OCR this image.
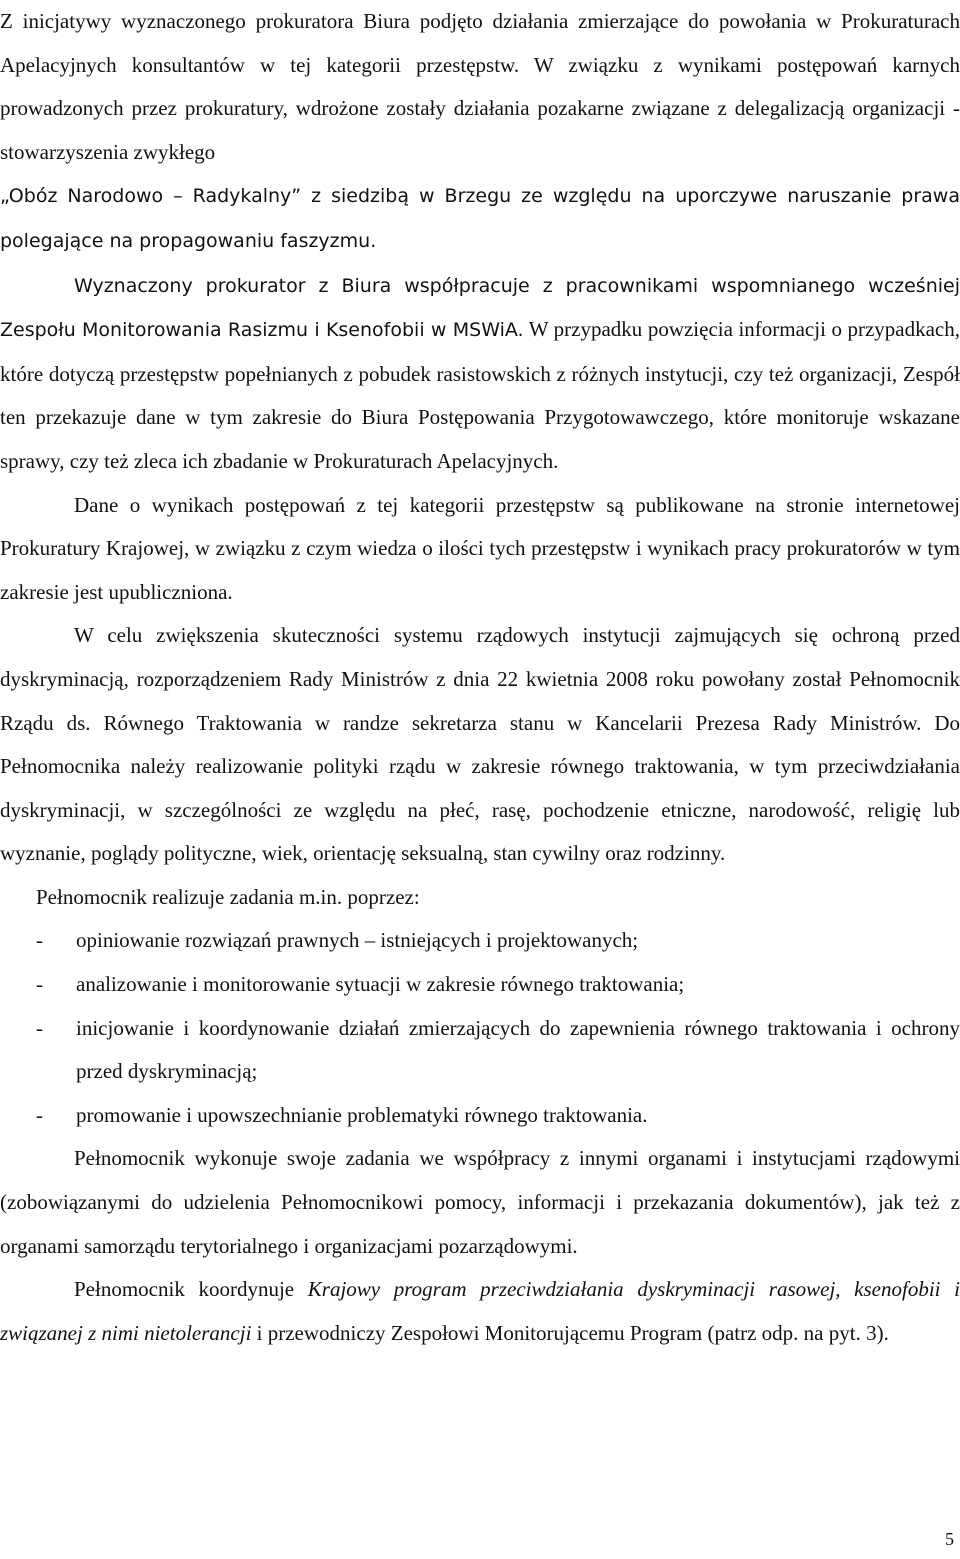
Z inicjatywy wyznaczonego prokuratora Biura podjęto działania zmierzające do powołania w Prokuraturach Apelacyjnych konsultantów w tej kategorii przestępstw. W związku z wynikami postępowań karnych prowadzonych przez prokuratury, wdrożone zostały działania pozakarne związane z delegalizacją organizacji - stowarzyszenia zwykłego

„Obóz Narodowo – Radykalny” z siedzibą w Brzegu ze względu na uporczywe naruszanie prawa polegające na propagowaniu faszyzmu.

Wyznaczony prokurator z Biura współpracuje z pracownikami wspomnianego wcześniej Zespołu Monitorowania Rasizmu i Ksenofobii w MSWiA. W przypadku powzięcia informacji o przypadkach, które dotyczą przestępstw popełnianych z pobudek rasistowskich z różnych instytucji, czy też organizacji, Zespół ten przekazuje dane w tym zakresie do Biura Postępowania Przygotowawczego, które monitoruje wskazane sprawy, czy też zleca ich zbadanie w Prokuraturach Apelacyjnych.

Dane o wynikach postępowań z tej kategorii przestępstw są publikowane na stronie internetowej Prokuratury Krajowej, w związku z czym wiedza o ilości tych przestępstw i wynikach pracy prokuratorów w tym zakresie jest upubliczniona.

W celu zwiększenia skuteczności systemu rządowych instytucji zajmujących się ochroną przed dyskryminacją, rozporządzeniem Rady Ministrów z dnia 22 kwietnia 2008 roku powołany został Pełnomocnik Rządu ds. Równego Traktowania w randze sekretarza stanu w Kancelarii Prezesa Rady Ministrów. Do Pełnomocnika należy realizowanie polityki rządu w zakresie równego traktowania, w tym przeciwdziałania dyskryminacji, w szczególności ze względu na płeć, rasę, pochodzenie etniczne, narodowość, religię lub wyznanie, poglądy polityczne, wiek, orientację seksualną, stan cywilny oraz rodzinny.

Pełnomocnik realizuje zadania m.in. poprzez:

- opiniowanie rozwiązań prawnych – istniejących i projektowanych;

- analizowanie i monitorowanie sytuacji w zakresie równego traktowania;

- inicjowanie i koordynowanie działań zmierzających do zapewnienia równego traktowania i ochrony przed dyskryminacją;

- promowanie i upowszechnianie problematyki równego traktowania.

Pełnomocnik wykonuje swoje zadania we współpracy z innymi organami i instytucjami rządowymi (zobowiązanymi do udzielenia Pełnomocnikowi pomocy, informacji i przekazania dokumentów), jak też z organami samorządu terytorialnego i organizacjami pozarządowymi.

Pełnomocnik koordynuje Krajowy program przeciwdziałania dyskryminacji rasowej, ksenofobii i związanej z nimi nietolerancji i przewodniczy Zespołowi Monitorującemu Program (patrz odp. na pyt. 3).

5
